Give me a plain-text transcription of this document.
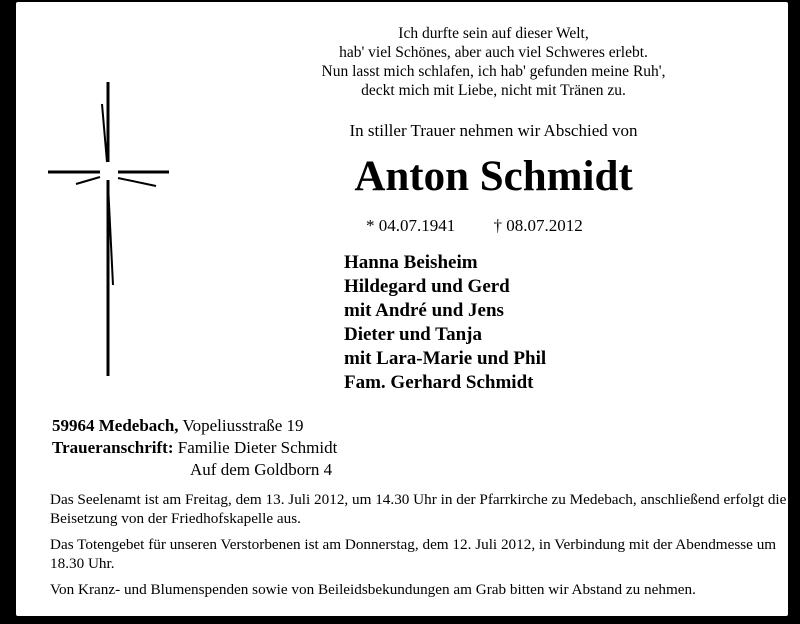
Ich durfte sein auf dieser Welt,
hab' viel Schönes, aber auch viel Schweres erlebt.
Nun lasst mich schlafen, ich hab' gefunden meine Ruh',
deckt mich mit Liebe, nicht mit Tränen zu.
In stiller Trauer nehmen wir Abschied von
Anton Schmidt
* 04.07.1941 † 08.07.2012
Hanna Beisheim
Hildegard und Gerd
mit André und Jens
Dieter und Tanja
mit Lara-Marie und Phil
Fam. Gerhard Schmidt
59964 Medebach, Vopeliusstraße 19
Traueranschrift: Familie Dieter Schmidt
Auf dem Goldborn 4

Das Seelenamt ist am Freitag, dem 13. Juli 2012, um 14.30 Uhr in der Pfarrkirche zu Medebach, anschließend erfolgt die Beisetzung von der Friedhofskapelle aus.

Das Totengebet für unseren Verstorbenen ist am Donnerstag, dem 12. Juli 2012, in Verbindung mit der Abendmesse um 18.30 Uhr.

Von Kranz- und Blumenspenden sowie von Beileidsbekundungen am Grab bitten wir Abstand zu nehmen.
